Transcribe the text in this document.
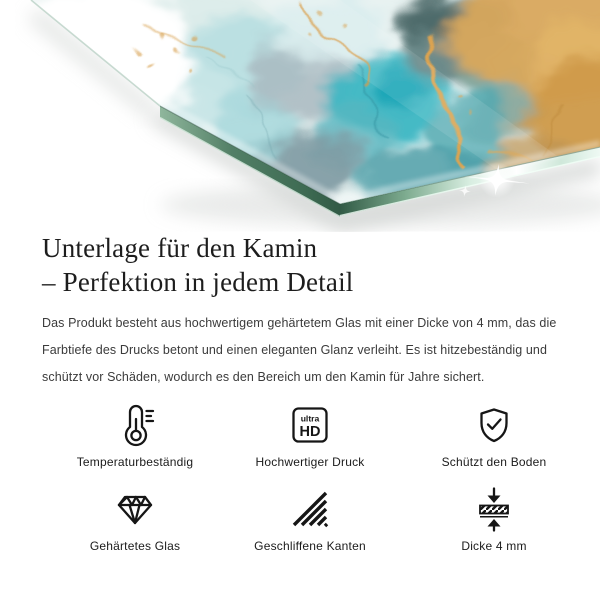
Unterlage für den Kamin
– Perfektion in jedem Detail
Das Produkt besteht aus hochwertigem gehärtetem Glas mit einer Dicke von 4 mm, das die
Farbtiefe des Drucks betont und einen eleganten Glanz verleiht. Es ist hitzebeständig und
schützt vor Schäden, wodurch es den Bereich um den Kamin für Jahre sichert.
Temperaturbeständig
ultra
HD
Hochwertiger Druck	Schützt den Boden
Gehärtetes Glas	Geschliffene Kanten	Dicke 4 mm
